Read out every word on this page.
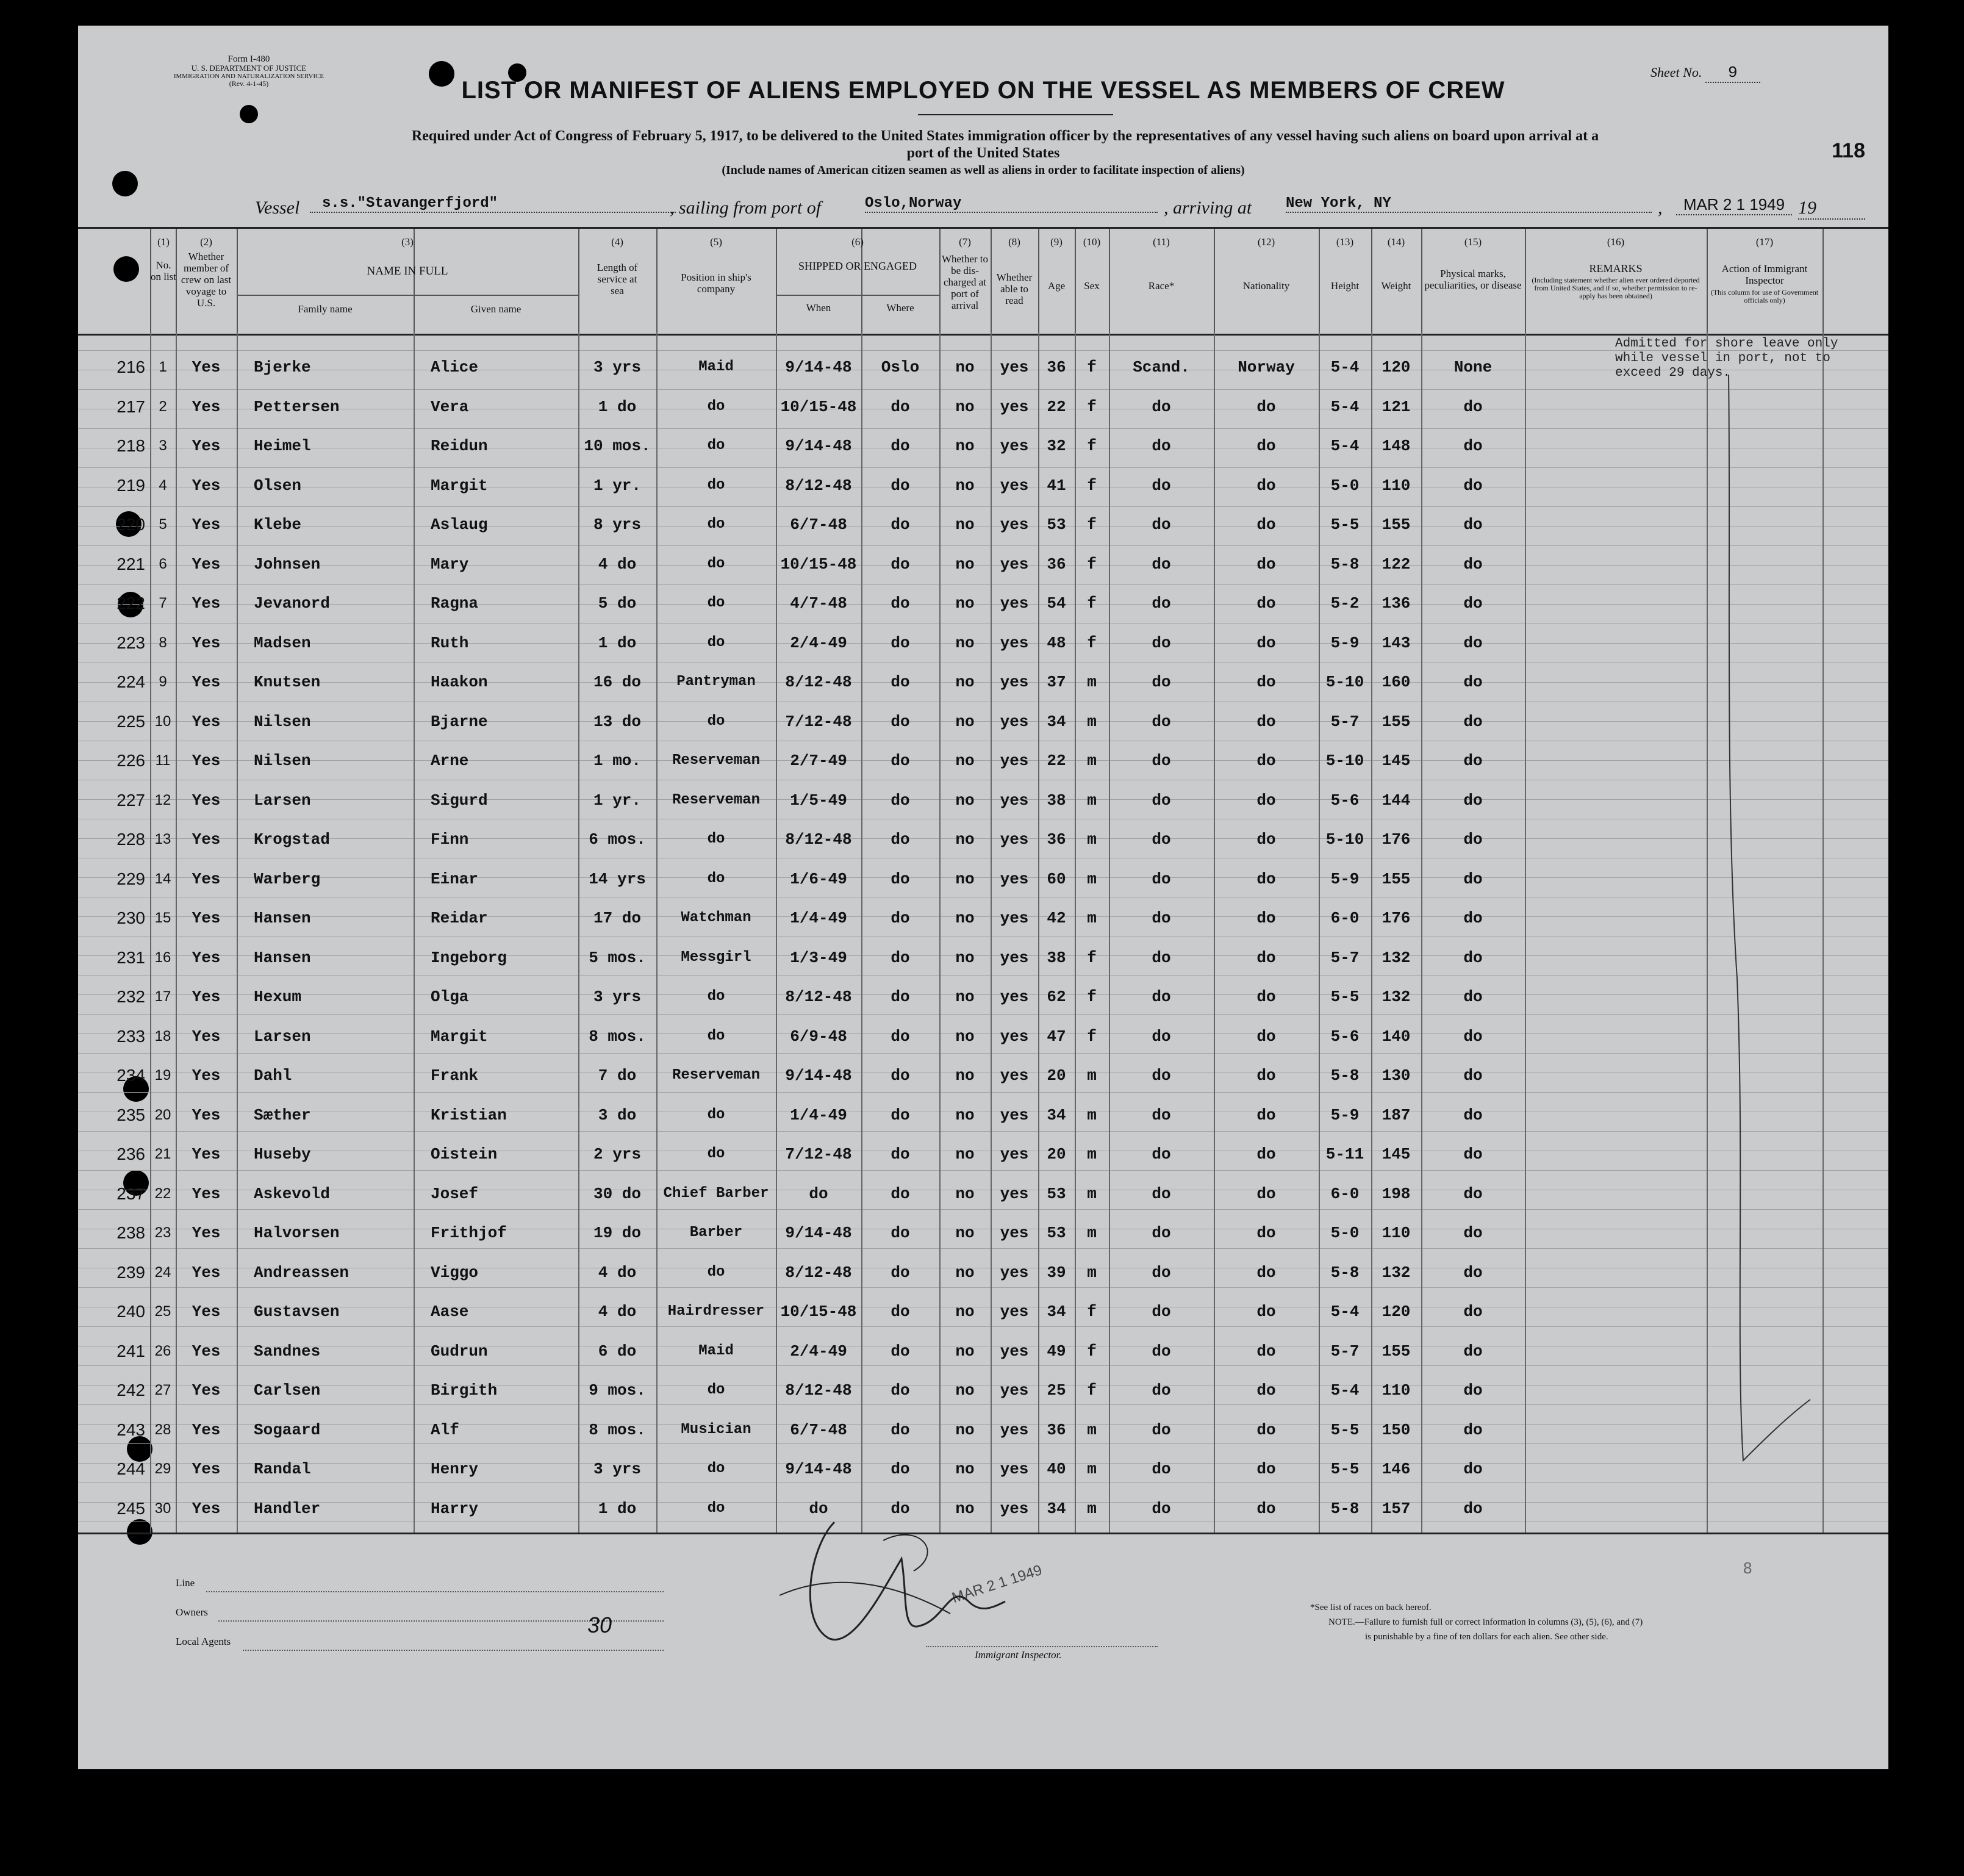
Form I-480
U. S. DEPARTMENT OF JUSTICE
IMMIGRATION AND NATURALIZATION SERVICE
(Rev. 4-1-45)
Sheet No. 9
LIST OR MANIFEST OF ALIENS EMPLOYED ON THE VESSEL AS MEMBERS OF CREW
Required under Act of Congress of February 5, 1917, to be delivered to the United States immigration officer by the representatives of any vessel having such aliens on board upon arrival at a
port of the United States
(Include names of American citizen seamen as well as aliens in order to facilitate inspection of aliens)
118
Vessel	s.s."Stavangerfjord"	, sailing from port of	Oslo,Norway	, arriving at New York, NY	,	MAR 2 1 1949 19
(1)
No. on list
(2)
Whether member of crew on last voyage to U.S.
(3)
NAME IN FULL
Family name	Given name
(4)
Length of service at sea
(5)
Position in ship's company
(6)
SHIPPED OR ENGAGED
When	Where
(7)
Whether to be dis-charged at port of arrival
(8)
Whether able to read
(9)
Age
(10)
Sex
(11)
Race*
(12)
Nationality
(13)
Height
(14)
Weight
(15)
Physical marks, peculiarities, or disease
(16)
REMARKS
(Including statement whether alien ever ordered deported from United States, and if so, whether permission to re-apply has been obtained)
(17)
Action of Immigrant Inspector
(This column for use of Government officials only)
216 1	Yes	Bjerke	Alice	3 yrs	Maid	9/14-48	Oslo	no	yes	36	f	Scand.	Norway	5-4	120	None
217 2	Yes	Pettersen	Vera	1 do	do	10/15-48	do	no	yes	22	f	do	do	5-4	121	do
218 3	Yes	Heimel	Reidun	10 mos.	do	9/14-48	do	no	yes	32	f	do	do	5-4	148	do
219 4	Yes	Olsen	Margit	1 yr.	do	8/12-48	do	no	yes	41	f	do	do	5-0	110	do
220 5	Yes	Klebe	Aslaug	8 yrs	do	6/7-48	do	no	yes	53	f	do	do	5-5	155	do
221 6	Yes	Johnsen	Mary	4 do	do	10/15-48	do	no	yes	36	f	do	do	5-8	122	do
222 7	Yes	Jevanord	Ragna	5 do	do	4/7-48	do	no	yes	54	f	do	do	5-2	136	do
223 8	Yes	Madsen	Ruth	1 do	do	2/4-49	do	no	yes	48	f	do	do	5-9	143	do
224 9	Yes	Knutsen	Haakon	16 do	Pantryman	8/12-48	do	no	yes	37	m	do	do	5-10	160	do
225 10	Yes	Nilsen	Bjarne	13 do	do	7/12-48	do	no	yes	34	m	do	do	5-7	155	do
226 11	Yes	Nilsen	Arne	1 mo.	Reserveman	2/7-49	do	no	yes	22	m	do	do	5-10	145	do
227 12	Yes	Larsen	Sigurd	1 yr.	Reserveman	1/5-49	do	no	yes	38	m	do	do	5-6	144	do
228 13	Yes	Krogstad	Finn	6 mos.	do	8/12-48	do	no	yes	36	m	do	do	5-10	176	do
229 14	Yes	Warberg	Einar	14 yrs	do	1/6-49	do	no	yes	60	m	do	do	5-9	155	do
230 15	Yes	Hansen	Reidar	17 do	Watchman	1/4-49	do	no	yes	42	m	do	do	6-0	176	do
231 16	Yes	Hansen	Ingeborg	5 mos.	Messgirl	1/3-49	do	no	yes	38	f	do	do	5-7	132	do
232 17	Yes	Hexum	Olga	3 yrs	do	8/12-48	do	no	yes	62	f	do	do	5-5	132	do
233 18	Yes	Larsen	Margit	8 mos.	do	6/9-48	do	no	yes	47	f	do	do	5-6	140	do
234 19	Yes	Dahl	Frank	7 do	Reserveman	9/14-48	do	no	yes	20	m	do	do	5-8	130	do
235 20	Yes	Sæther	Kristian	3 do	do	1/4-49	do	no	yes	34	m	do	do	5-9	187	do
236 21	Yes	Huseby	Oistein	2 yrs	do	7/12-48	do	no	yes	20	m	do	do	5-11	145	do
237 22	Yes	Askevold	Josef	30 do	Chief Barber	do	do	no	yes	53	m	do	do	6-0	198	do
238 23	Yes	Halvorsen	Frithjof	19 do	Barber	9/14-48	do	no	yes	53	m	do	do	5-0	110	do
239 24	Yes	Andreassen	Viggo	4 do	do	8/12-48	do	no	yes	39	m	do	do	5-8	132	do
240 25	Yes	Gustavsen	Aase	4 do	Hairdresser	10/15-48	do	no	yes	34	f	do	do	5-4	120	do
241 26	Yes	Sandnes	Gudrun	6 do	Maid	2/4-49	do	no	yes	49	f	do	do	5-7	155	do
242 27	Yes	Carlsen	Birgith	9 mos.	do	8/12-48	do	no	yes	25	f	do	do	5-4	110	do
243 28	Yes	Sogaard	Alf	8 mos.	Musician	6/7-48	do	no	yes	36	m	do	do	5-5	150	do
244 29	Yes	Randal	Henry	3 yrs	do	9/14-48	do	no	yes	40	m	do	do	5-5	146	do
245 30	Yes	Handler	Harry	1 do	do	do	do	no	yes	34	m	do	do	5-8	157	do
Admitted for shore leave only
while vessel in port, not to
exceed 29 days.
Line
Owners
Local Agents
30
MAR 2 1 1949
Immigrant Inspector.
*See list of races on back hereof.
NOTE.—Failure to furnish full or correct information in columns (3), (5), (6), and (7)
is punishable by a fine of ten dollars for each alien. See other side.
8
